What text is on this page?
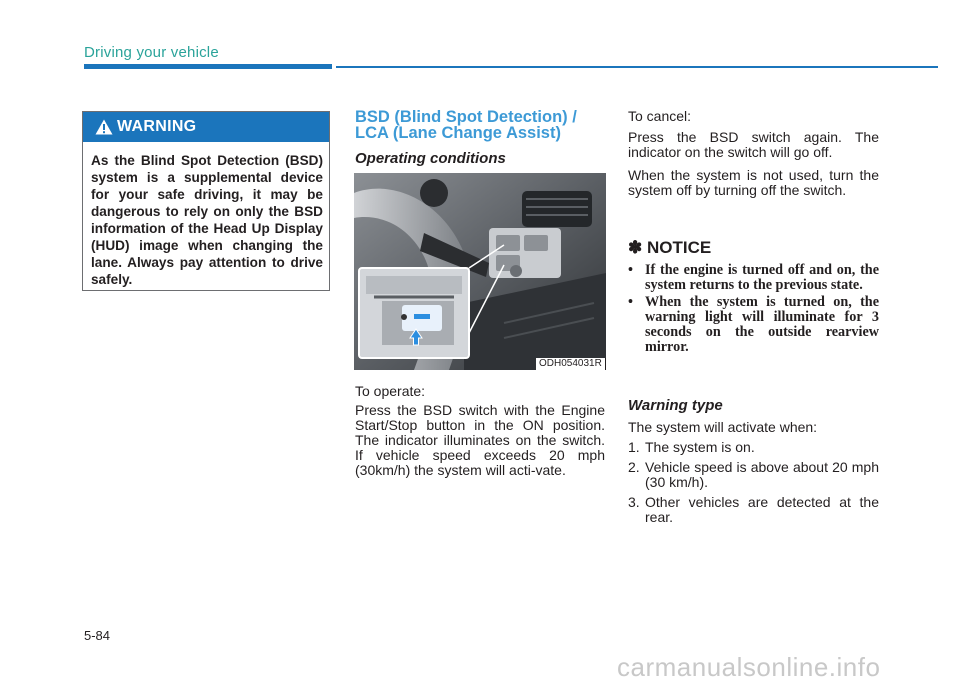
Driving your vehicle
WARNING
As the Blind Spot Detection (BSD) system is a supplemental device for your safe driving, it may be dangerous to rely on only the BSD information of the Head Up Display (HUD) image when changing the lane. Always pay attention to drive safely.
BSD (Blind Spot Detection) / LCA (Lane Change Assist)
Operating conditions
ODH054031R
To operate:
Press the BSD switch with the Engine Start/Stop button in the ON position. The indicator illuminates on the switch. If vehicle speed exceeds 20 mph (30km/h) the system will acti-vate.
To cancel:
Press the BSD switch again. The indicator on the switch will go off.
When the system is not used, turn the system off by turning off the switch.
✽ NOTICE
• If the engine is turned off and on, the system returns to the previous state.
• When the system is turned on, the warning light will illuminate for 3 seconds on the outside rearview mirror.
Warning type
The system will activate when:
1. The system is on.
2. Vehicle speed is above about 20 mph (30 km/h).
3. Other vehicles are detected at the rear.
5-84
carmanualsonline.info
